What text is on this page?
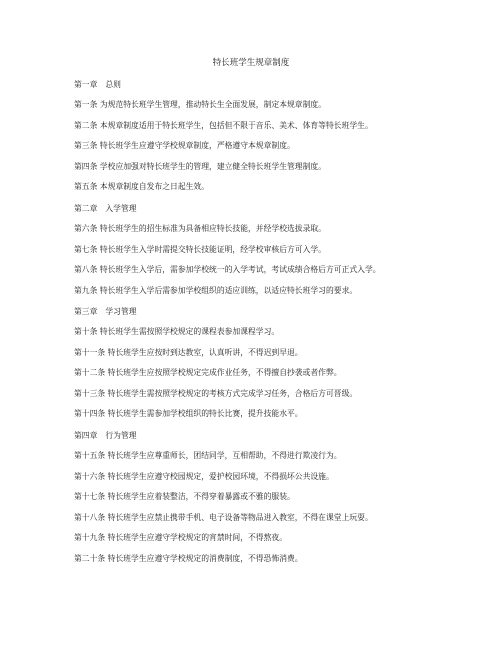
特长班学生规章制度
第一章 总则
第一条 为规范特长班学生管理，推动特长生全面发展，制定本规章制度。
第二条 本规章制度适用于特长班学生，包括但不限于音乐、美术、体育等特长班学生。
第三条 特长班学生应遵守学校规章制度，严格遵守本规章制度。
第四条 学校应加强对特长班学生的管理，建立健全特长班学生管理制度。
第五条 本规章制度自发布之日起生效。
第二章 入学管理
第六条 特长班学生的招生标准为具备相应特长技能，并经学校选拔录取。
第七条 特长班学生入学时需提交特长技能证明，经学校审核后方可入学。
第八条 特长班学生入学后，需参加学校统一的入学考试，考试成绩合格后方可正式入学。
第九条 特长班学生入学后需参加学校组织的适应训练，以适应特长班学习的要求。
第三章 学习管理
第十条 特长班学生需按照学校规定的课程表参加课程学习。
第十一条 特长班学生应按时到达教室，认真听讲，不得迟到早退。
第十二条 特长班学生应按照学校规定完成作业任务，不得擅自抄袭或者作弊。
第十三条 特长班学生需按照学校规定的考核方式完成学习任务，合格后方可晋级。
第十四条 特长班学生需参加学校组织的特长比赛，提升技能水平。
第四章 行为管理
第十五条 特长班学生应尊重师长，团结同学，互相帮助，不得进行欺凌行为。
第十六条 特长班学生应遵守校园规定，爱护校园环境，不得损坏公共设施。
第十七条 特长班学生应着装整洁，不得穿着暴露或不雅的服装。
第十八条 特长班学生应禁止携带手机、电子设备等物品进入教室，不得在课堂上玩耍。
第十九条 特长班学生应遵守学校规定的宵禁时间，不得熬夜。
第二十条 特长班学生应遵守学校规定的消费制度，不得恐怖消费。
